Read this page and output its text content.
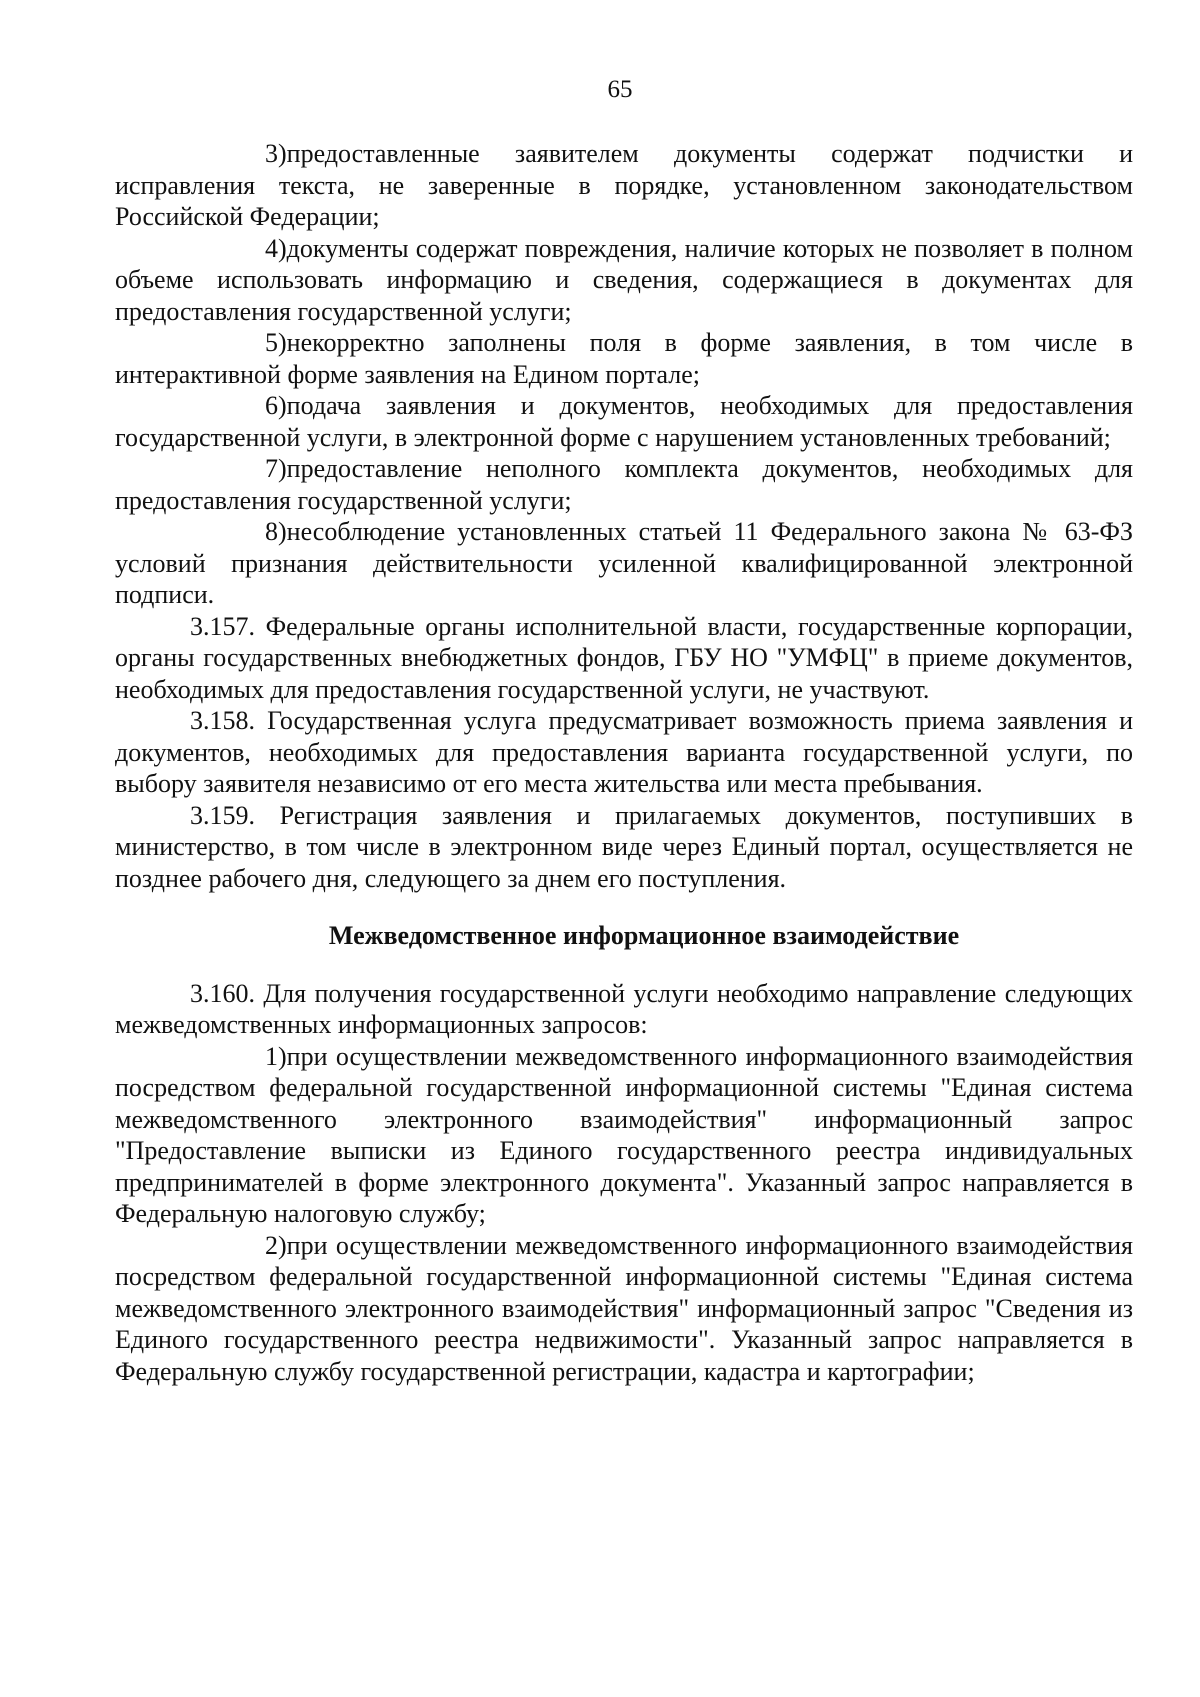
65

3)предоставленные заявителем документы содержат подчистки и исправления текста, не заверенные в порядке, установленном законодательством Российской Федерации;

4)документы содержат повреждения, наличие которых не позволяет в полном объеме использовать информацию и сведения, содержащиеся в документах для предоставления государственной услуги;

5)некорректно заполнены поля в форме заявления, в том числе в интерактивной форме заявления на Едином портале;

6)подача заявления и документов, необходимых для предоставления государственной услуги, в электронной форме с нарушением установленных требований;

7)предоставление неполного комплекта документов, необходимых для предоставления государственной услуги;

8)несоблюдение установленных статьей 11 Федерального закона № 63-ФЗ условий признания действительности усиленной квалифицированной электронной подписи.

3.157. Федеральные органы исполнительной власти, государственные корпорации, органы государственных внебюджетных фондов, ГБУ НО "УМФЦ" в приеме документов, необходимых для предоставления государственной услуги, не участвуют.

3.158. Государственная услуга предусматривает возможность приема заявления и документов, необходимых для предоставления варианта государственной услуги, по выбору заявителя независимо от его места жительства или места пребывания.

3.159. Регистрация заявления и прилагаемых документов, поступивших в министерство, в том числе в электронном виде через Единый портал, осуществляется не позднее рабочего дня, следующего за днем его поступления.

Межведомственное информационное взаимодействие

3.160. Для получения государственной услуги необходимо направление следующих межведомственных информационных запросов:

1)при осуществлении межведомственного информационного взаимодействия посредством федеральной государственной информационной системы "Единая система межведомственного электронного взаимодействия" информационный запрос "Предоставление выписки из Единого государственного реестра индивидуальных предпринимателей в форме электронного документа". Указанный запрос направляется в Федеральную налоговую службу;

2)при осуществлении межведомственного информационного взаимодействия посредством федеральной государственной информационной системы "Единая система межведомственного электронного взаимодействия" информационный запрос "Сведения из Единого государственного реестра недвижимости". Указанный запрос направляется в Федеральную службу государственной регистрации, кадастра и картографии;
